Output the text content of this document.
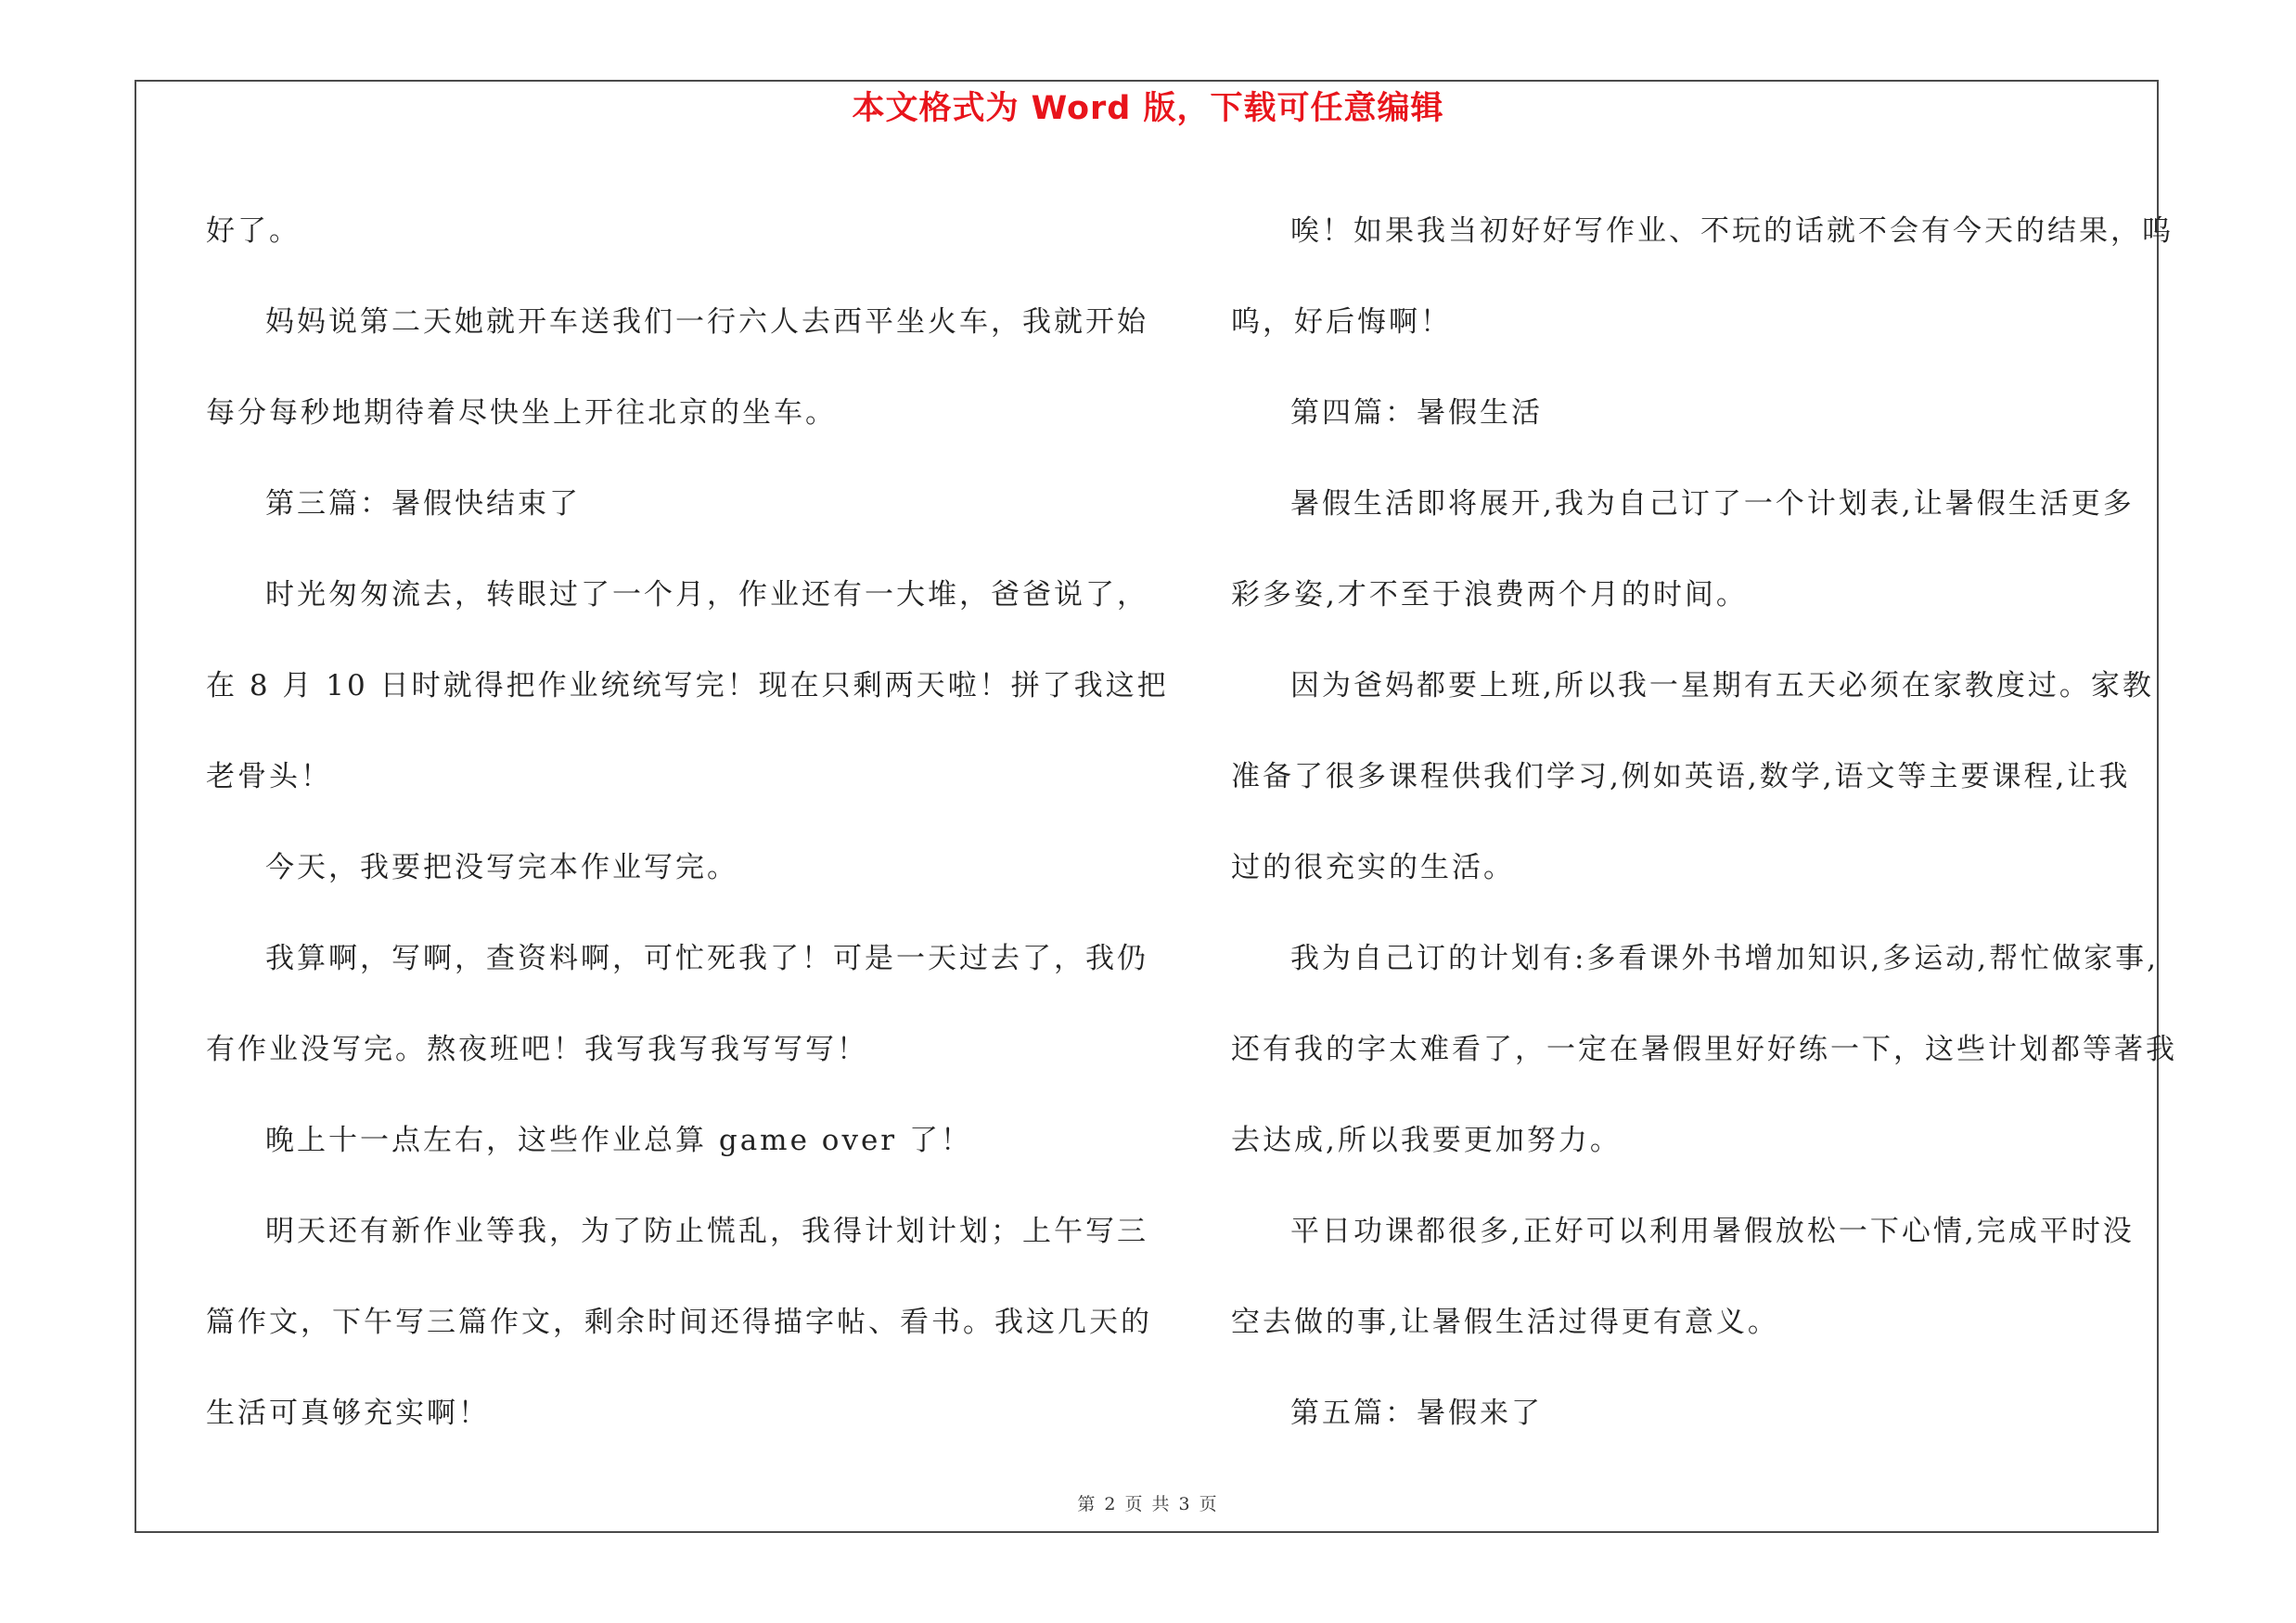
本文格式为 Word 版，下载可任意编辑
好了。
妈妈说第二天她就开车送我们一行六人去西平坐火车，我就开始
每分每秒地期待着尽快坐上开往北京的坐车。
第三篇：暑假快结束了
时光匆匆流去，转眼过了一个月，作业还有一大堆，爸爸说了，
在 8 月 10 日时就得把作业统统写完！现在只剩两天啦！拼了我这把
老骨头！
今天，我要把没写完本作业写完。
我算啊，写啊，查资料啊，可忙死我了！可是一天过去了，我仍
有作业没写完。熬夜班吧！我写我写我写写写！
晚上十一点左右，这些作业总算 game over 了！
明天还有新作业等我，为了防止慌乱，我得计划计划；上午写三
篇作文，下午写三篇作文，剩余时间还得描字帖、看书。我这几天的
生活可真够充实啊！
唉！如果我当初好好写作业、不玩的话就不会有今天的结果，呜
呜，好后悔啊！
第四篇：暑假生活
暑假生活即将展开,我为自己订了一个计划表,让暑假生活更多
彩多姿,才不至于浪费两个月的时间。
因为爸妈都要上班,所以我一星期有五天必须在家教度过。家教
准备了很多课程供我们学习,例如英语,数学,语文等主要课程,让我
过的很充实的生活。
我为自己订的计划有:多看课外书增加知识,多运动,帮忙做家事,
还有我的字太难看了，一定在暑假里好好练一下，这些计划都等著我
去达成,所以我要更加努力。
平日功课都很多,正好可以利用暑假放松一下心情,完成平时没
空去做的事,让暑假生活过得更有意义。
第五篇：暑假来了
第 2 页 共 3 页
